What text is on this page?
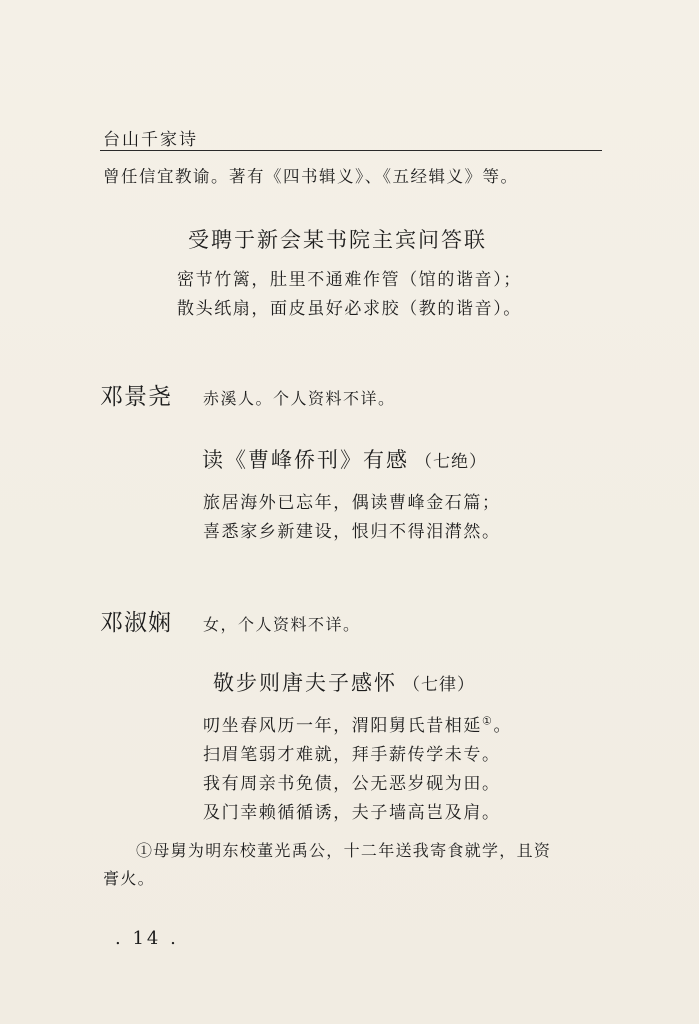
台山千家诗
曾任信宜教谕。著有《四书辑义》、《五经辑义》等。
受聘于新会某书院主宾问答联
密节竹篱，肚里不通难作管（馆的谐音）；
散头纸扇，面皮虽好必求胶（教的谐音）。
邓景尧 赤溪人。个人资料不详。
读《曹峰侨刊》有感 （七绝）
旅居海外已忘年，偶读曹峰金石篇；
喜悉家乡新建设，恨归不得泪潸然。
邓淑娴 女，个人资料不详。
敬步则唐夫子感怀 （七律）
叨坐春风历一年，渭阳舅氏昔相延①。
扫眉笔弱才难就，拜手薪传学未专。
我有周亲书免债，公无恶岁砚为田。
及门幸赖循循诱，夫子墙高岂及肩。
①母舅为明东校董光禹公，十二年送我寄食就学，且资
膏火。
. 14 .
